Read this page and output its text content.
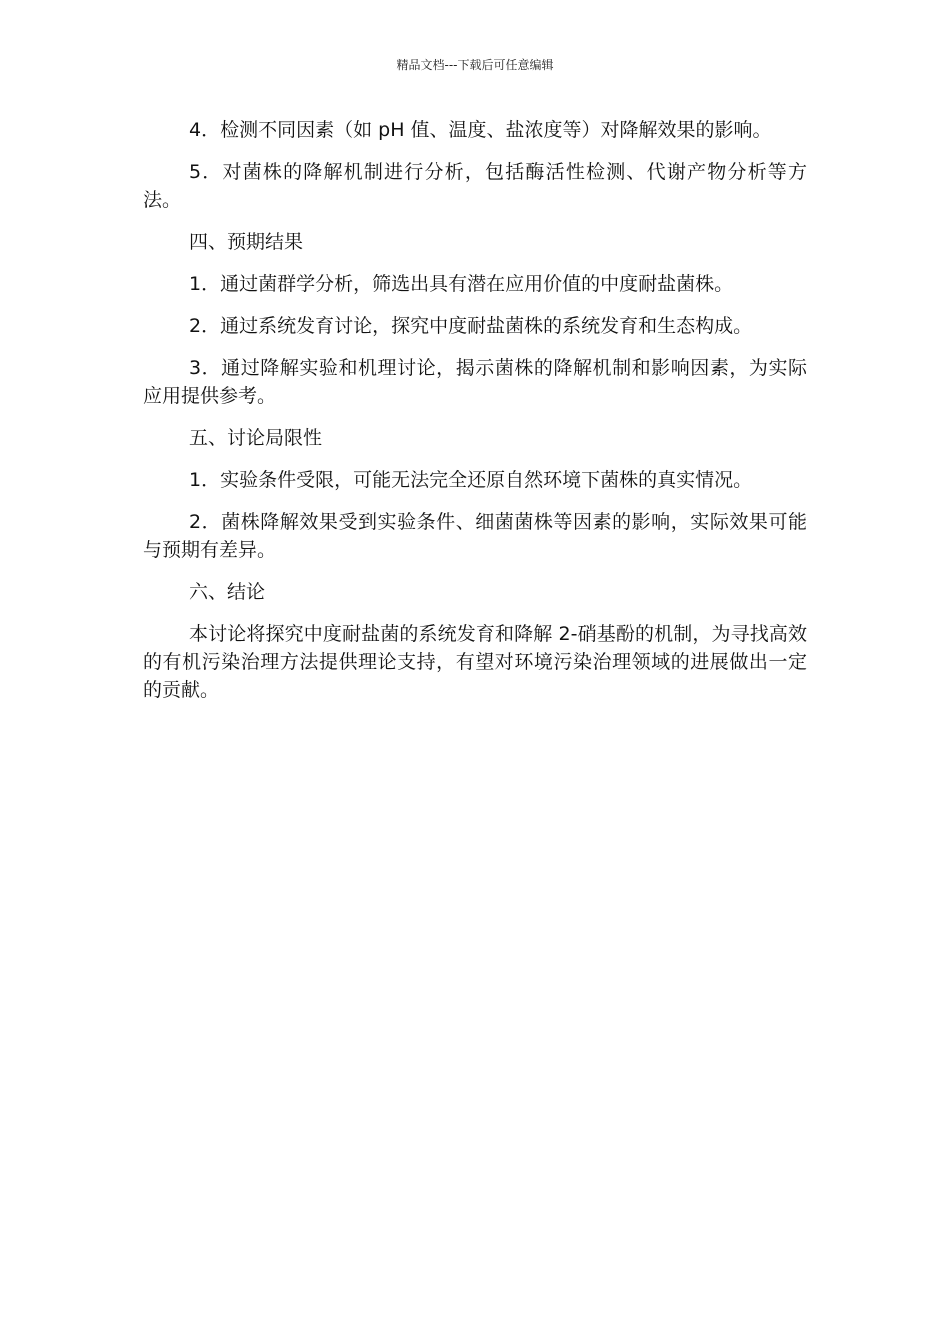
精品文档---下载后可任意编辑

4．检测不同因素（如 pH 值、温度、盐浓度等）对降解效果的影响。

5．对菌株的降解机制进行分析，包括酶活性检测、代谢产物分析等方法。

四、预期结果

1．通过菌群学分析，筛选出具有潜在应用价值的中度耐盐菌株。

2．通过系统发育讨论，探究中度耐盐菌株的系统发育和生态构成。

3．通过降解实验和机理讨论，揭示菌株的降解机制和影响因素，为实际应用提供参考。

五、讨论局限性

1．实验条件受限，可能无法完全还原自然环境下菌株的真实情况。

2．菌株降解效果受到实验条件、细菌菌株等因素的影响，实际效果可能与预期有差异。

六、结论

本讨论将探究中度耐盐菌的系统发育和降解 2-硝基酚的机制，为寻找高效的有机污染治理方法提供理论支持，有望对环境污染治理领域的进展做出一定的贡献。
